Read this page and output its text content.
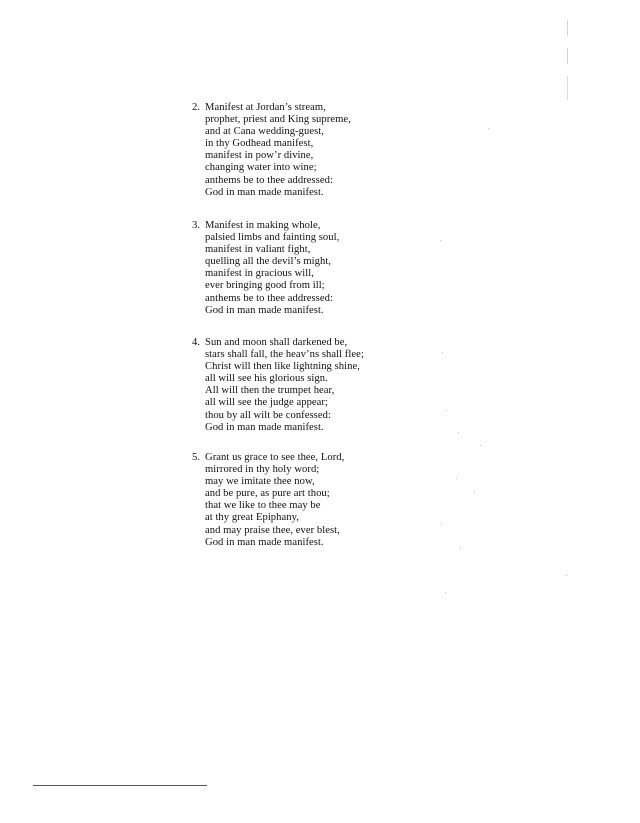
2. Manifest at Jordan’s stream,
prophet, priest and King supreme,
and at Cana wedding-guest,
in thy Godhead manifest,
manifest in pow’r divine,
changing water into wine;
anthems be to thee addressed:
God in man made manifest.
3. Manifest in making whole,
palsied limbs and fainting soul,
manifest in valiant fight,
quelling all the devil’s might,
manifest in gracious will,
ever bringing good from ill;
anthems be to thee addressed:
God in man made manifest.
4. Sun and moon shall darkened be,
stars shall fall, the heav’ns shall flee;
Christ will then like lightning shine,
all will see his glorious sign.
All will then the trumpet hear,
all will see the judge appear;
thou by all wilt be confessed:
God in man made manifest.
5. Grant us grace to see thee, Lord,
mirrored in thy holy word;
may we imitate thee now,
and be pure, as pure art thou;
that we like to thee may be
at thy great Epiphany,
and may praise thee, ever blest,
God in man made manifest.
